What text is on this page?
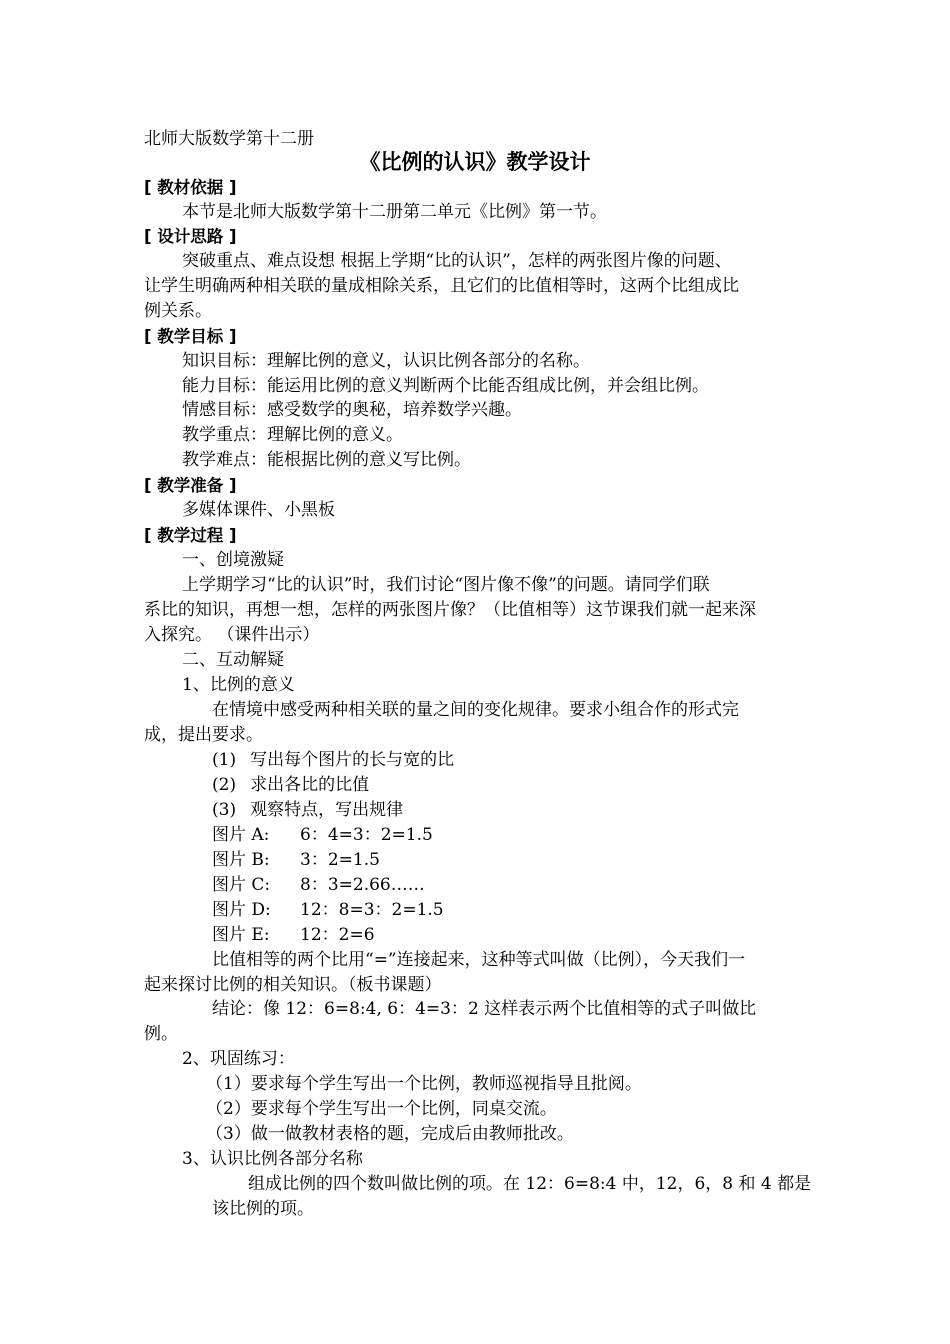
北师大版数学第十二册
《比例的认识》教学设计
[ 教材依据 ]
本节是北师大版数学第十二册第二单元《比例》第一节。
[ 设计思路 ]
突破重点、难点设想 根据上学期“比的认识”，怎样的两张图片像的问题、
让学生明确两种相关联的量成相除关系，且它们的比值相等时，这两个比组成比
例关系。
[ 教学目标 ]
知识目标：理解比例的意义，认识比例各部分的名称。
能力目标：能运用比例的意义判断两个比能否组成比例，并会组比例。
情感目标：感受数学的奥秘，培养数学兴趣。
教学重点：理解比例的意义。
教学难点：能根据比例的意义写比例。
[ 教学准备 ]
多媒体课件、小黑板
[ 教学过程 ]
一、创境激疑
上学期学习“比的认识”时，我们讨论“图片像不像”的问题。请同学们联
系比的知识，再想一想，怎样的两张图片像？（比值相等）这节课我们就一起来深
入探究。 （课件出示）
二、互动解疑
1、比例的意义
在情境中感受两种相关联的量之间的变化规律。要求小组合作的形式完
成，提出要求。
(1) 写出每个图片的长与宽的比
(2) 求出各比的比值
(3) 观察特点，写出规律
图片 A: 6：4=3：2=1.5
图片 B: 3：2=1.5
图片 C: 8：3=2.66……
图片 D: 12：8=3：2=1.5
图片 E: 12：2=6
比值相等的两个比用“=”连接起来，这种等式叫做（比例），今天我们一
起来探讨比例的相关知识。（板书课题）
结论：像 12：6=8:4, 6：4=3：2 这样表示两个比值相等的式子叫做比
例。
2、巩固练习：
（1）要求每个学生写出一个比例，教师巡视指导且批阅。
（2）要求每个学生写出一个比例，同桌交流。
（3）做一做教材表格的题，完成后由教师批改。
3、认识比例各部分名称
组成比例的四个数叫做比例的项。在 12：6=8:4 中，12，6，8 和 4 都是
该比例的项。
